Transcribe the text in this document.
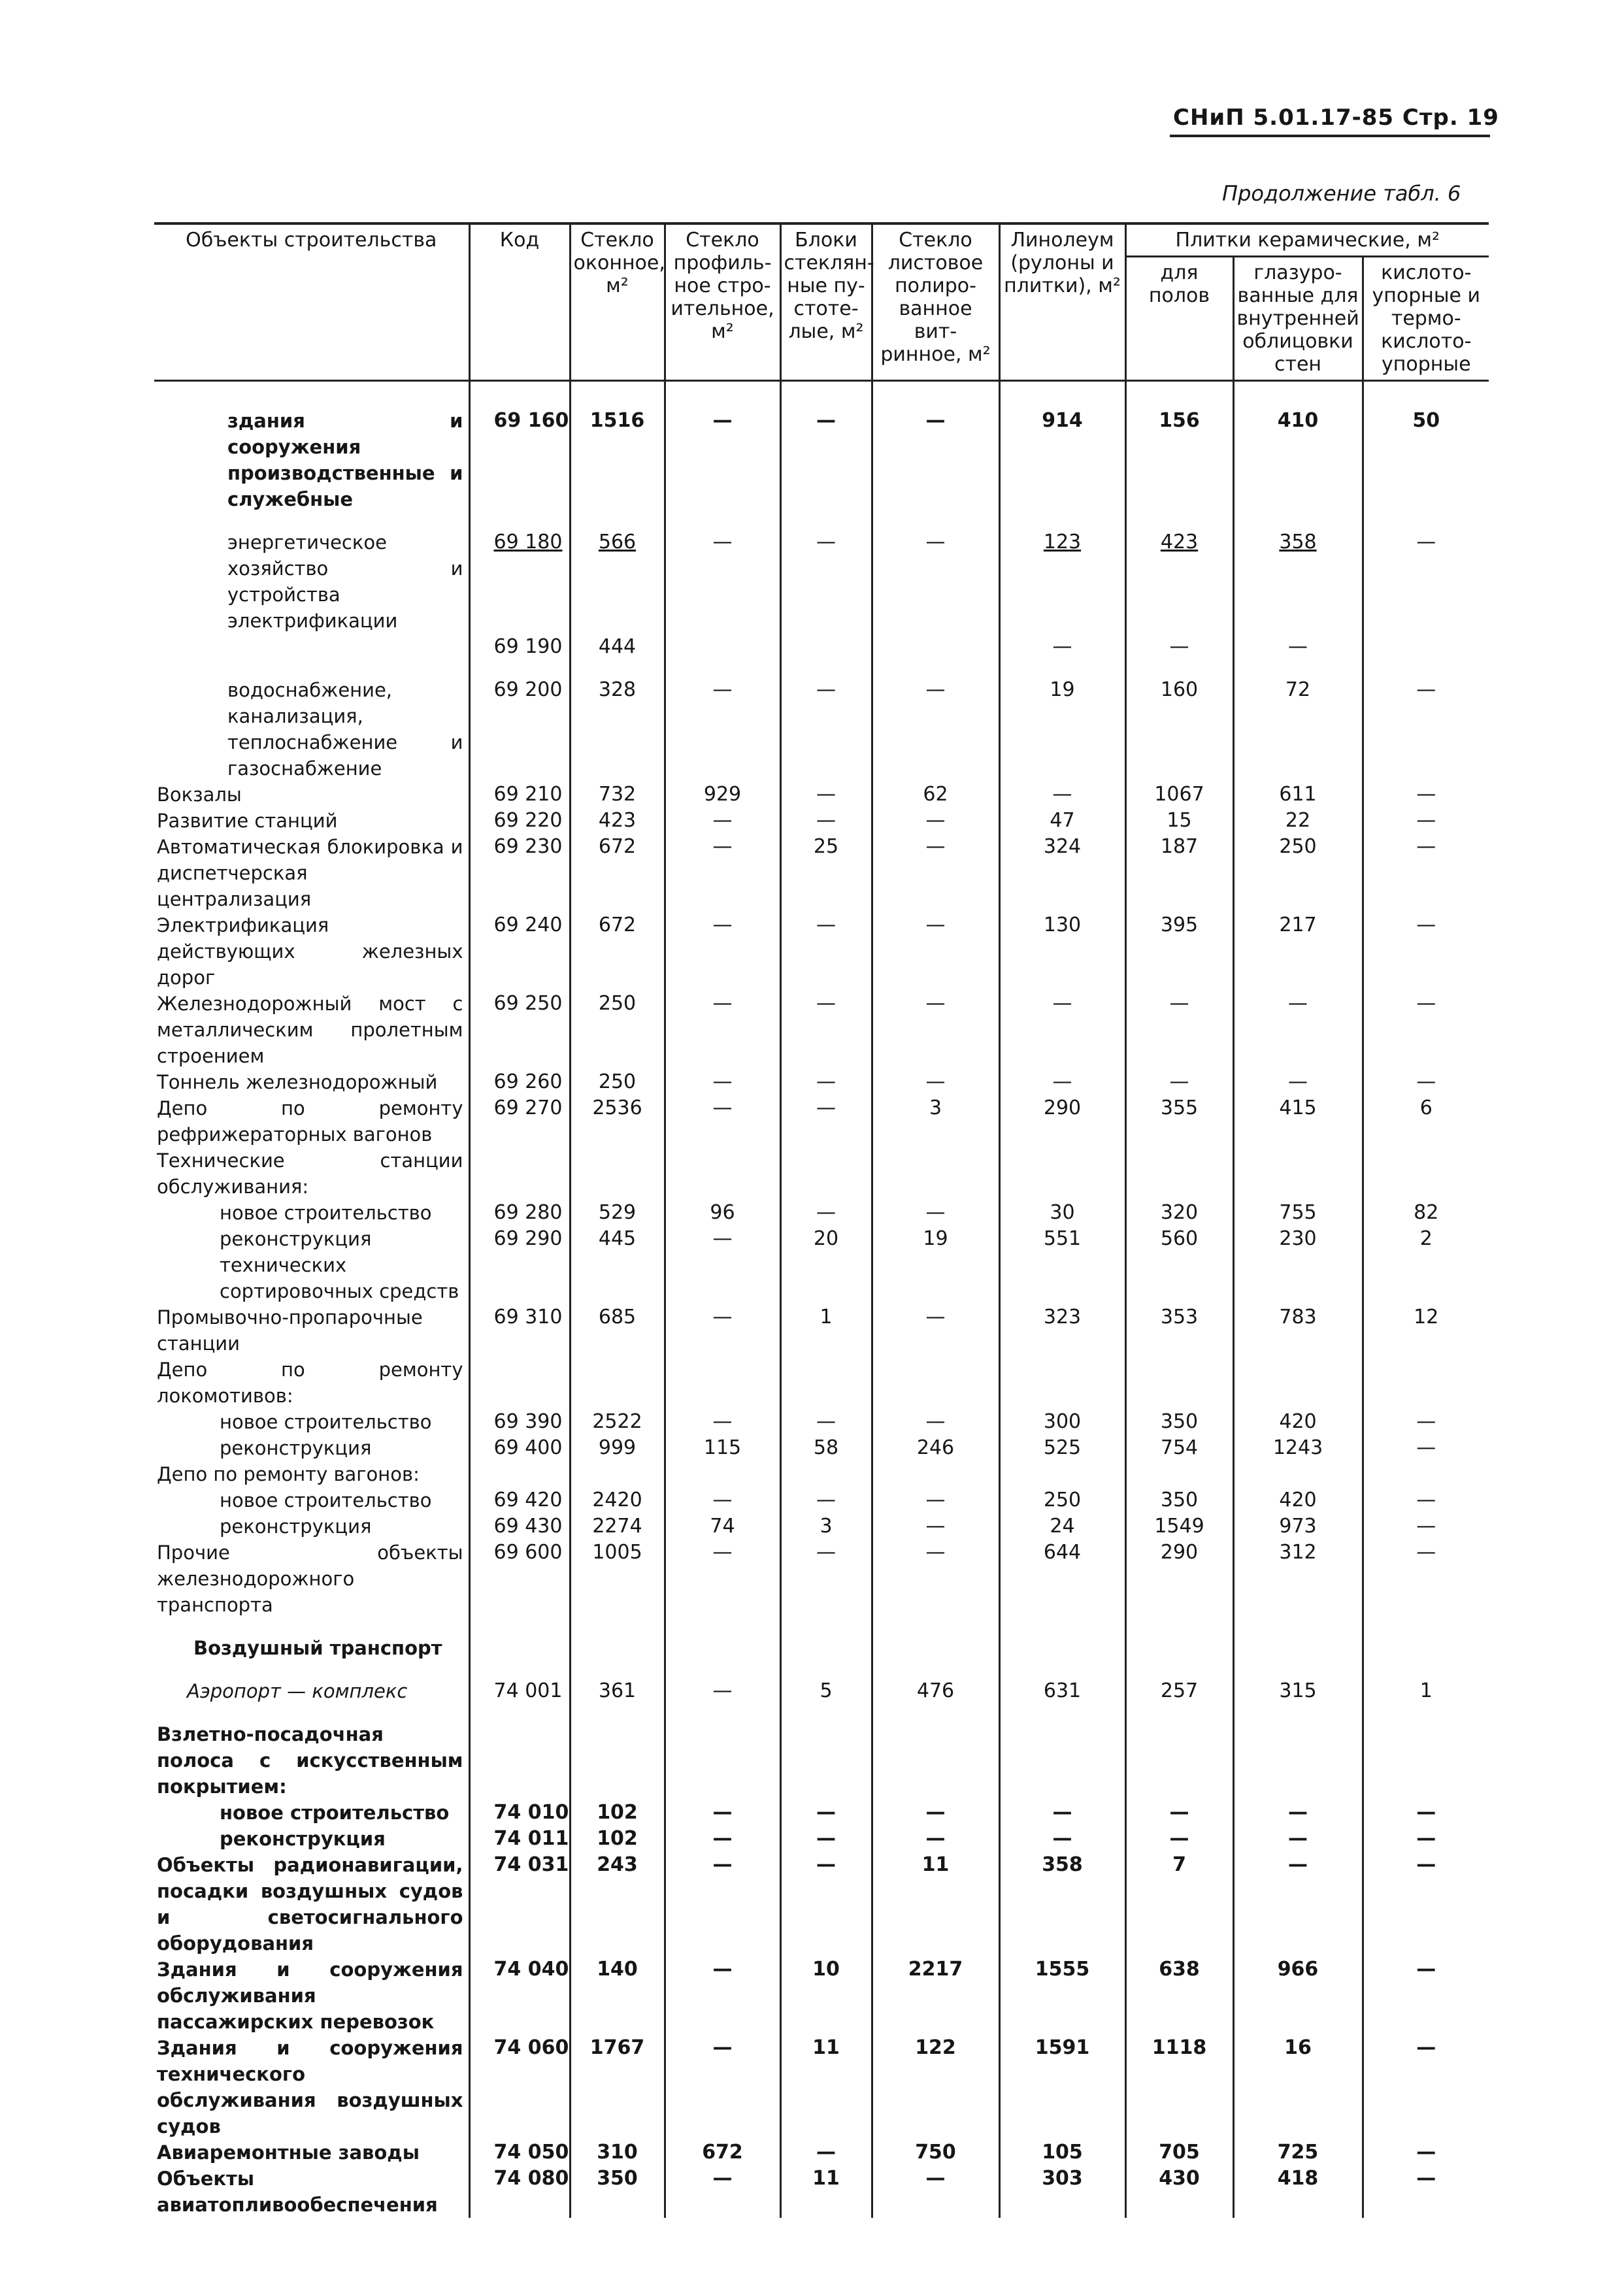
СНиП 5.01.17-85 Стр. 19
Продолжение табл. 6
Объекты строительства	Код	Стекло оконное, м²	Стекло профиль- ное стро- ительное, м²	Блоки стеклян- ные пу- стоте- лые, м²	Стекло листовое полиро- ванное вит- ринное, м²	Линолеум (рулоны и плитки), м²	Плитки керамические, м²		
							для полов	глазуро- ванные для внутренней облицовки стен	кислото- упорные и термо- кислото- упорные
здания и сооружения производственные и служебные	69 160	1516	—	—	—	914	156	410	50
энергетическое хозяйство и устройства электрификации	69 180	566	—	—	—	123	423	358	—
	69 190	444				—	—	—	
водоснабжение, канализация, теплоснабжение и газоснабжение	69 200	328	—	—	—	19	160	72	—
Вокзалы	69 210	732	929	—	62	—	1067	611	—
Развитие станций	69 220	423	—	—	—	47	15	22	—
Автоматическая блокировка и диспетчерская централизация	69 230	672	—	25	—	324	187	250	—
Электрификация действующих железных дорог	69 240	672	—	—	—	130	395	217	—
Железнодорожный мост с металлическим пролетным строением	69 250	250	—	—	—	—	—	—	—
Тоннель железнодорожный	69 260	250	—	—	—	—	—	—	—
Депо по ремонту рефрижераторных вагонов	69 270	2536	—	—	3	290	355	415	6
Технические станции обслуживания:									
новое строительство	69 280	529	96	—	—	30	320	755	82
реконструкция технических сортировочных средств	69 290	445	—	20	19	551	560	230	2
Промывочно-пропарочные станции	69 310	685	—	1	—	323	353	783	12
Депо по ремонту локомотивов:									
новое строительство	69 390	2522	—	—	—	300	350	420	—
реконструкция	69 400	999	115	58	246	525	754	1243	—
Депо по ремонту вагонов:									
новое строительство	69 420	2420	—	—	—	250	350	420	—
реконструкция	69 430	2274	74	3	—	24	1549	973	—
Прочие объекты железнодорожного транспорта	69 600	1005	—	—	—	644	290	312	—
Воздушный транспорт									
Аэропорт — комплекс	74 001	361	—	5	476	631	257	315	1
Взлетно-посадочная полоса с искусственным покрытием:									
новое строительство	74 010	102	—	—	—	—	—	—	—
реконструкция	74 011	102	—	—	—	—	—	—	—
Объекты радионавигации, посадки воздушных судов и светосигнального оборудования	74 031	243	—	—	11	358	7	—	—
Здания и сооружения обслуживания пассажирских перевозок	74 040	140	—	10	2217	1555	638	966	—
Здания и сооружения технического обслуживания воздушных судов	74 060	1767	—	11	122	1591	1118	16	—
Авиаремонтные заводы	74 050	310	672	—	750	105	705	725	—
Объекты авиатопливообеспечения	74 080	350	—	11	—	303	430	418	—
